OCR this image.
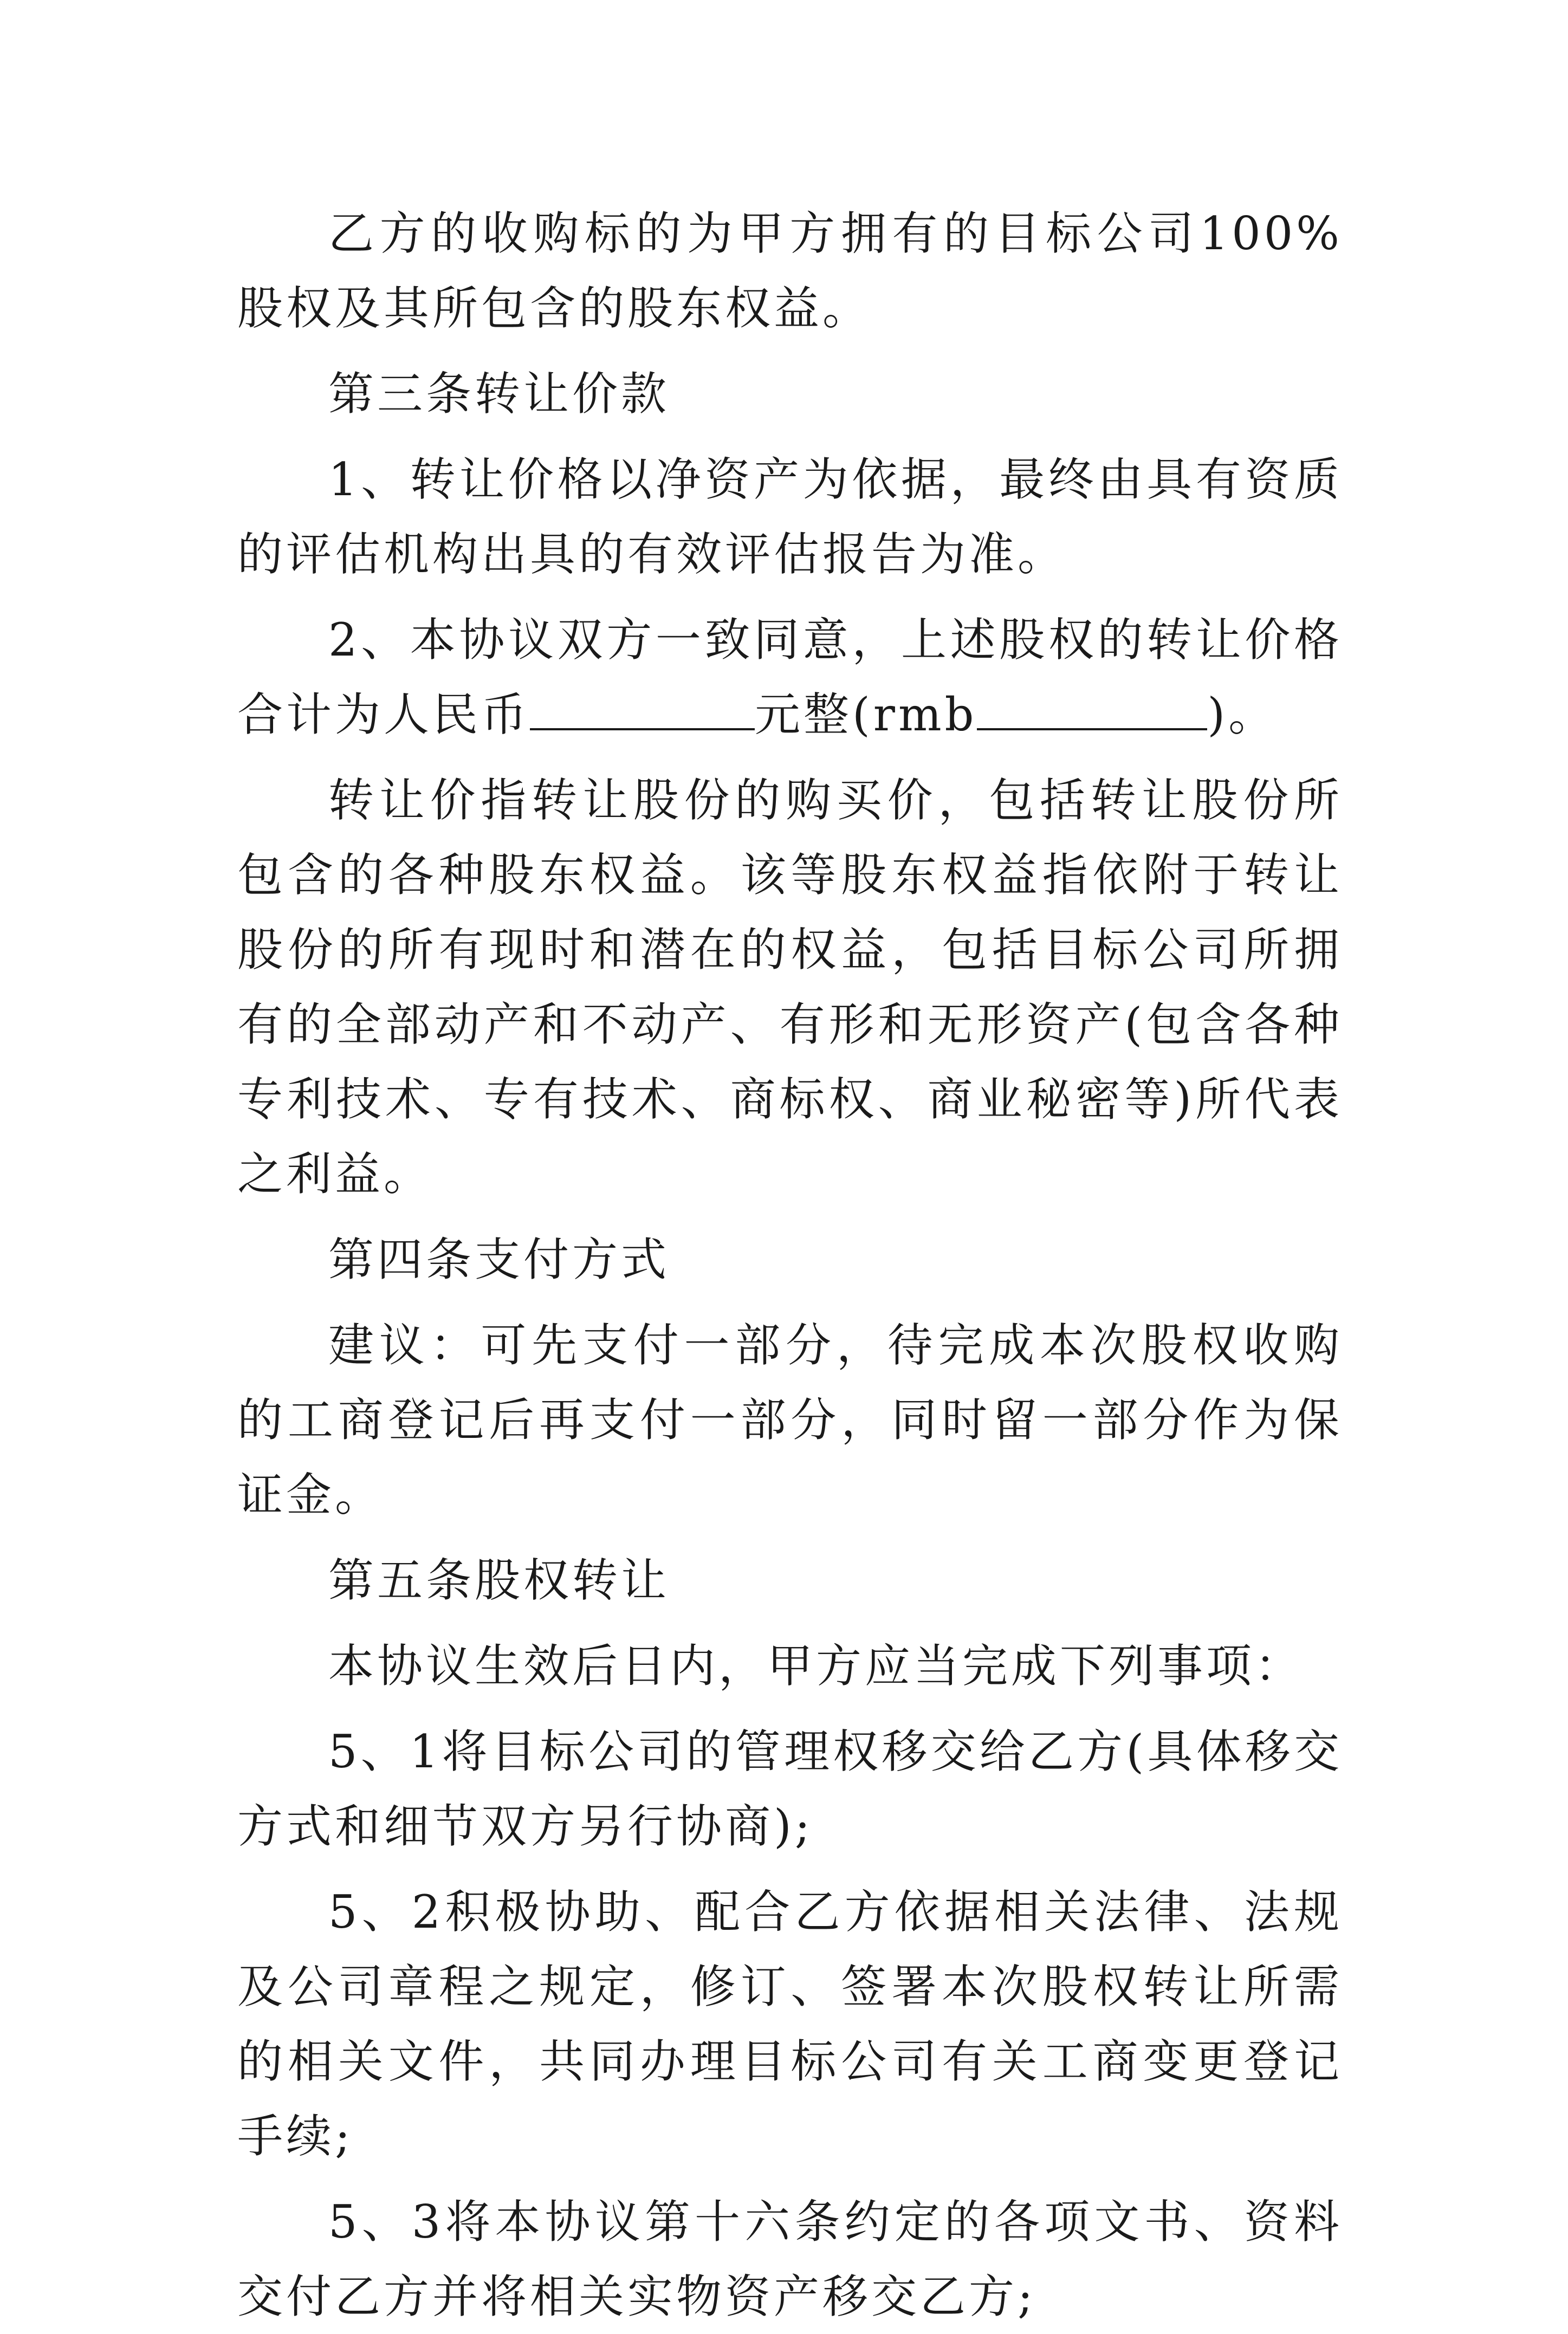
乙方的收购标的为甲方拥有的目标公司100%股权及其所包含的股东权益。

第三条转让价款

1、转让价格以净资产为依据，最终由具有资质的评估机构出具的有效评估报告为准。

2、本协议双方一致同意，上述股权的转让价格合计为人民币	元整(rmb	)。

转让价指转让股份的购买价，包括转让股份所包含的各种股东权益。该等股东权益指依附于转让股份的所有现时和潜在的权益，包括目标公司所拥有的全部动产和不动产、有形和无形资产(包含各种专利技术、专有技术、商标权、商业秘密等)所代表之利益。

第四条支付方式

建议：可先支付一部分，待完成本次股权收购的工商登记后再支付一部分，同时留一部分作为保证金。

第五条股权转让

本协议生效后日内，甲方应当完成下列事项：

5、1将目标公司的管理权移交给乙方(具体移交方式和细节双方另行协商);

5、2积极协助、配合乙方依据相关法律、法规及公司章程之规定，修订、签署本次股权转让所需的相关文件，共同办理目标公司有关工商变更登记手续;

5、3将本协议第十六条约定的各项文书、资料交付乙方并将相关实物资产移交乙方;
